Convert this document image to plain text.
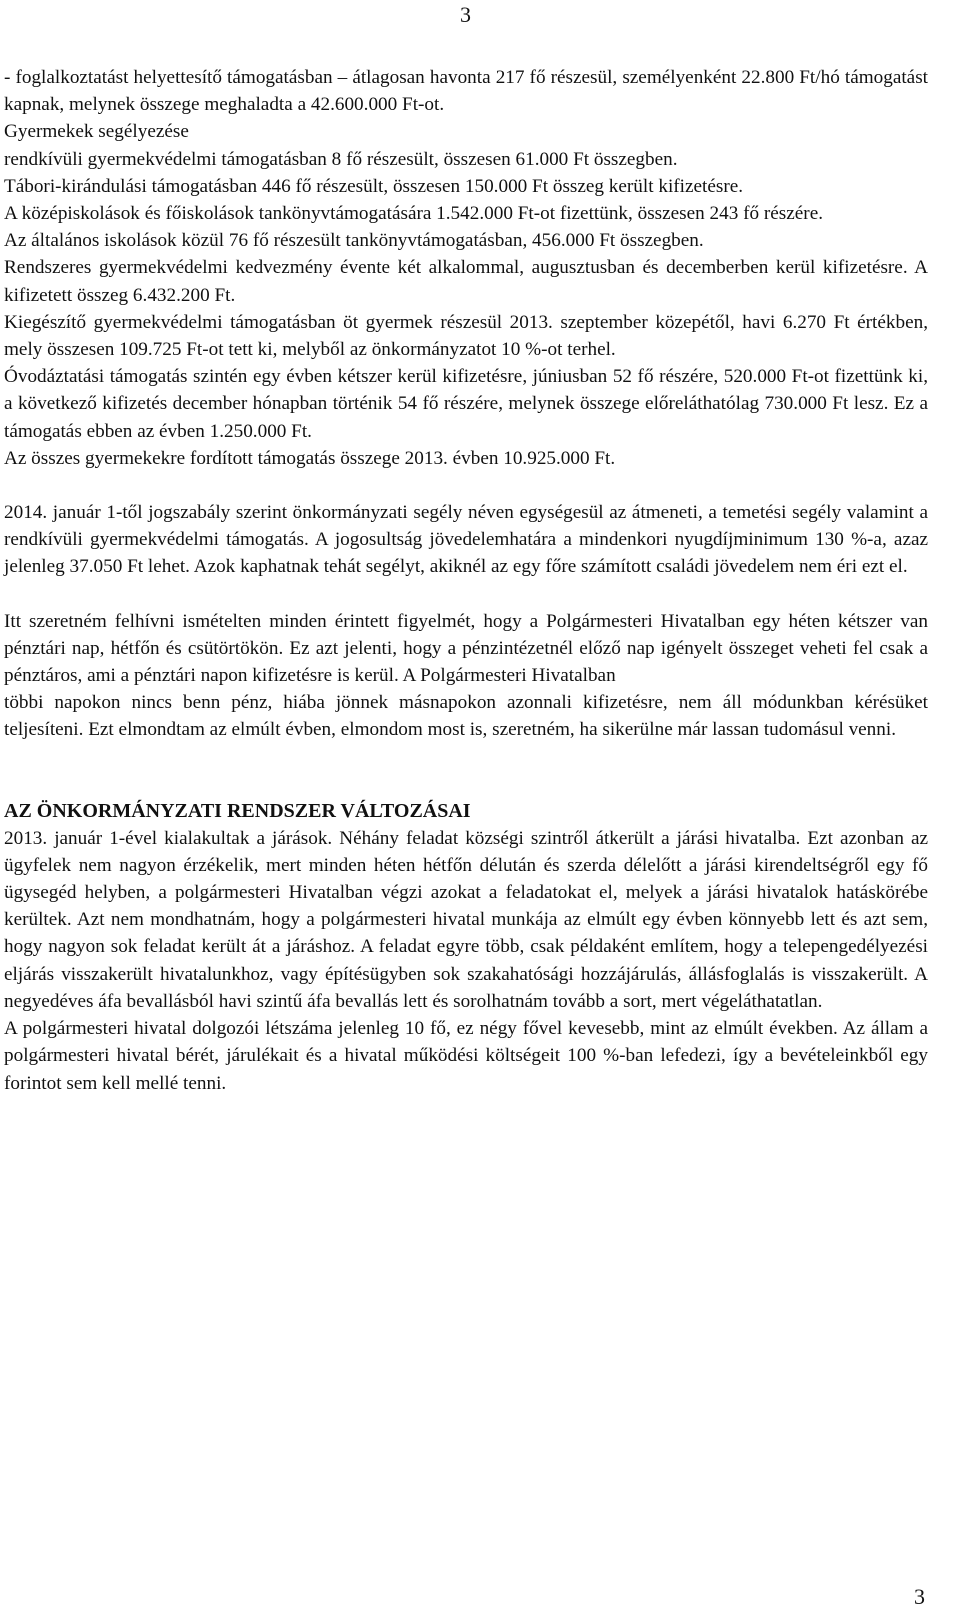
3

- foglalkoztatást helyettesítő támogatásban – átlagosan havonta 217 fő részesül, személyenként 22.800 Ft/hó támogatást kapnak, melynek összege meghaladta a 42.600.000 Ft-ot.

Gyermekek segélyezése

rendkívüli gyermekvédelmi támogatásban 8 fő részesült, összesen 61.000 Ft összegben.

Tábori-kirándulási támogatásban 446 fő részesült, összesen 150.000 Ft összeg került kifizetésre.

A középiskolások és főiskolások tankönyvtámogatására 1.542.000 Ft-ot fizettünk, összesen 243 fő részére.

Az általános iskolások közül 76 fő részesült tankönyvtámogatásban, 456.000 Ft összegben.

Rendszeres gyermekvédelmi kedvezmény évente két alkalommal, augusztusban és decemberben kerül kifizetésre. A kifizetett összeg 6.432.200 Ft.

Kiegészítő gyermekvédelmi támogatásban öt gyermek részesül 2013. szeptember közepétől, havi 6.270 Ft értékben, mely összesen 109.725 Ft-ot tett ki, melyből az önkormányzatot 10 %-ot terhel.

Óvodáztatási támogatás szintén egy évben kétszer kerül kifizetésre, júniusban 52 fő részére, 520.000 Ft-ot fizettünk ki, a következő kifizetés december hónapban történik 54 fő részére, melynek összege előreláthatólag 730.000 Ft lesz. Ez a támogatás ebben az évben 1.250.000 Ft.

Az összes gyermekekre fordított támogatás összege 2013. évben 10.925.000 Ft.

2014. január 1-től jogszabály szerint önkormányzati segély néven egységesül az átmeneti, a temetési segély valamint a rendkívüli gyermekvédelmi támogatás. A jogosultság jövedelemhatára a mindenkori nyugdíjminimum 130 %-a, azaz jelenleg 37.050 Ft lehet. Azok kaphatnak tehát segélyt, akiknél az egy főre számított családi jövedelem nem éri ezt el.

Itt szeretném felhívni ismételten minden érintett figyelmét, hogy a Polgármesteri Hivatalban egy héten kétszer van pénztári nap, hétfőn és csütörtökön. Ez azt jelenti, hogy a pénzintézetnél előző nap igényelt összeget veheti fel csak a pénztáros, ami a pénztári napon kifizetésre is kerül. A Polgármesteri Hivatalban

többi napokon nincs benn pénz, hiába jönnek másnapokon azonnali kifizetésre, nem áll módunkban kérésüket teljesíteni. Ezt elmondtam az elmúlt évben, elmondom most is, szeretném, ha sikerülne már lassan tudomásul venni.

AZ ÖNKORMÁNYZATI RENDSZER VÁLTOZÁSAI

2013. január 1-ével kialakultak a járások. Néhány feladat községi szintről átkerült a járási hivatalba. Ezt azonban az ügyfelek nem nagyon érzékelik, mert minden héten hétfőn délután és szerda délelőtt a járási kirendeltségről egy fő ügysegéd helyben, a polgármesteri Hivatalban végzi azokat a feladatokat el, melyek a járási hivatalok hatáskörébe kerültek. Azt nem mondhatnám, hogy a polgármesteri hivatal munkája az elmúlt egy évben könnyebb lett és azt sem, hogy nagyon sok feladat került át a járáshoz. A feladat egyre több, csak példaként említem, hogy a telepengedélyezési eljárás visszakerült hivatalunkhoz, vagy építésügyben sok szakahatósági hozzájárulás, állásfoglalás is visszakerült. A negyedéves áfa bevallásból havi szintű áfa bevallás lett és sorolhatnám tovább a sort, mert végeláthatatlan.

A polgármesteri hivatal dolgozói létszáma jelenleg 10 fő, ez négy fővel kevesebb, mint az elmúlt években. Az állam a polgármesteri hivatal bérét, járulékait és a hivatal működési költségeit 100 %-ban lefedezi, így a bevételeinkből egy forintot sem kell mellé tenni.

3
